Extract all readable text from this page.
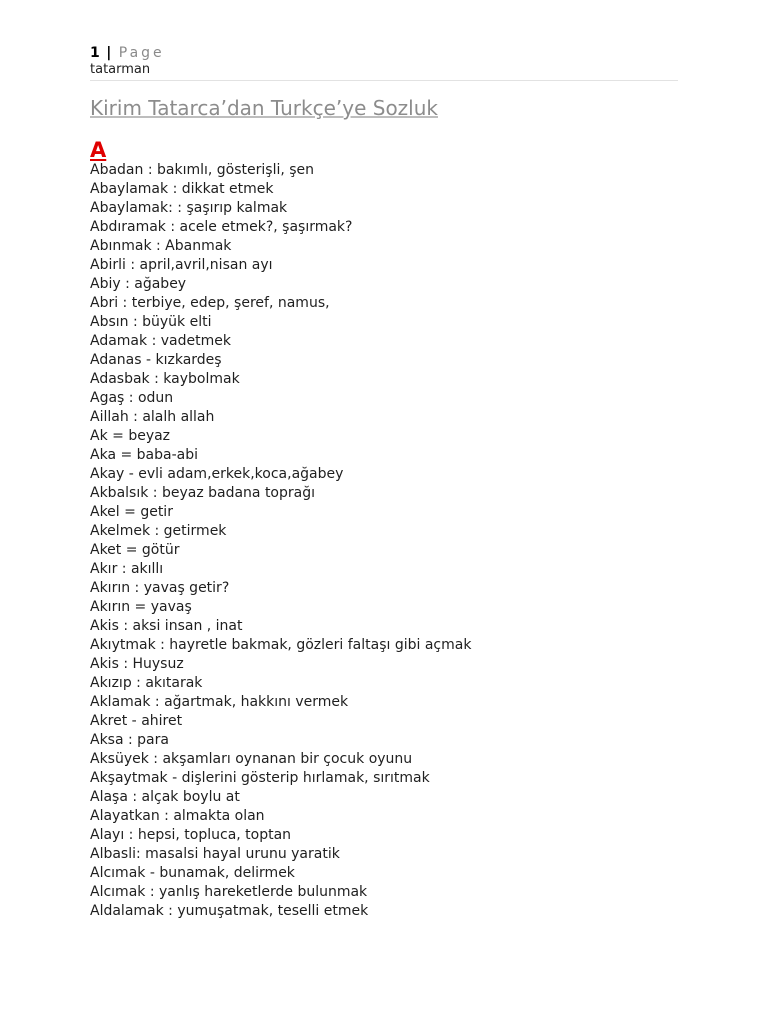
1 | Page
tatarman
Kirim Tatarca’dan Turkçe’ye Sozluk
A
Abadan : bakımlı, gösterişli, şen
Abaylamak : dikkat etmek
Abaylamak: : şaşırıp kalmak
Abdıramak : acele etmek?, şaşırmak?
Abınmak : Abanmak
Abirli : april,avril,nisan ayı
Abiy : ağabey
Abri : terbiye, edep, şeref, namus,
Absın : büyük elti
Adamak : vadetmek
Adanas - kızkardeş
Adasbak : kaybolmak
Agaş : odun
Aillah : alalh allah
Ak = beyaz
Aka = baba-abi
Akay - evli adam,erkek,koca,ağabey
Akbalsık : beyaz badana toprağı
Akel = getir
Akelmek : getirmek
Aket = götür
Akır : akıllı
Akırın : yavaş getir?
Akırın = yavaş
Akis : aksi insan , inat
Akıytmak : hayretle bakmak, gözleri faltaşı gibi açmak
Akis : Huysuz
Akızıp : akıtarak
Aklamak : ağartmak, hakkını vermek
Akret - ahiret
Aksa : para
Aksüyek : akşamları oynanan bir çocuk oyunu
Akşaytmak - dişlerini gösterip hırlamak, sırıtmak
Alaşa : alçak boylu at
Alayatkan : almakta olan
Alayı : hepsi, topluca, toptan
Albasli: masalsi hayal urunu yaratik
Alcımak - bunamak, delirmek
Alcımak : yanlış hareketlerde bulunmak
Aldalamak : yumuşatmak, teselli etmek
